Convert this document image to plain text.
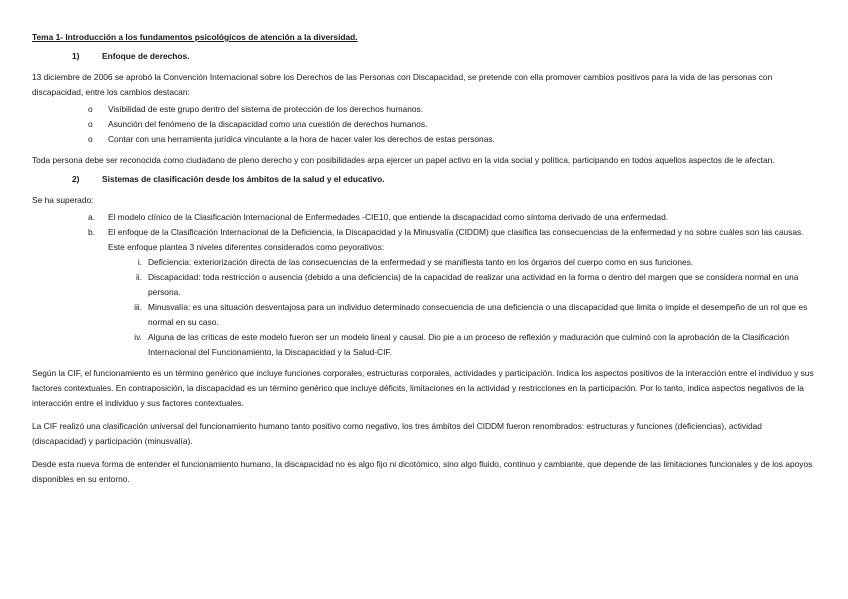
Tema 1- Introducción a los fundamentos psicológicos de atención a la diversidad.

1)	Enfoque de derechos.

13 diciembre de 2006 se aprobó la Convención Internacional sobre los Derechos de las Personas con Discapacidad, se pretende con ella promover cambios positivos para la vida de las personas con discapacidad, entre los cambios destacan:

o Visibilidad de este grupo dentro del sistema de protección de los derechos humanos.
o Asunción del fenómeno de la discapacidad como una cuestión de derechos humanos.
o Contar con una herramienta jurídica vinculante a la hora de hacer valer los derechos de estas personas.

Toda persona debe ser reconocida como ciudadano de pleno derecho y con posibilidades arpa ejercer un papel activo en la vida social y política, participando en todos aquellos aspectos de le afectan.

2)	Sistemas de clasificación desde los ámbitos de la salud y el educativo.

Se ha superado:

a. El modelo clínico de la Clasificación Internacional de Enfermedades -CIE10, que entiende la discapacidad como síntoma derivado de una enfermedad.
b. El enfoque de la Clasificación Internacional de la Deficiencia, la Discapacidad y la Minusvalía (CIDDM) que clasifica las consecuencias de la enfermedad y no sobre cuáles son las causas. Este enfoque plantea 3 niveles diferentes considerados como peyorativos:
i. Deficiencia: exteriorización directa de las consecuencias de la enfermedad y se manifiesta tanto en los órganos del cuerpo como en sus funciones.
ii. Discapacidad: toda restricción o ausencia (debido a una deficiencia) de la capacidad de realizar una actividad en la forma o dentro del margen que se considera normal en una persona.
iii. Minusvalía: es una situación desventajosa para un individuo determinado consecuencia de una deficiencia o una discapacidad que limita o impide el desempeño de un rol que es normal en su caso.
iv. Alguna de las críticas de este modelo fueron ser un modelo lineal y causal. Dio pie a un proceso de reflexión y maduración que culminó con la aprobación de la Clasificación Internacional del Funcionamiento, la Discapacidad y la Salud-CIF.

Según la CIF, el funcionamiento es un término genérico que incluye funciones corporales, estructuras corporales, actividades y participación. Indica los aspectos positivos de la interacción entre el individuo y sus factores contextuales. En contraposición, la discapacidad es un término genérico que incluye déficits, limitaciones en la actividad y restricciones en la participación. Por lo tanto, indica aspectos negativos de la interacción entre el individuo y sus factores contextuales.

La CIF realizó una clasificación universal del funcionamiento humano tanto positivo como negativo, los tres ámbitos del CIDDM fueron renombrados: estructuras y funciones (deficiencias), actividad (discapacidad) y participación (minusvalía).

Desde esta nueva forma de entender el funcionamiento humano, la discapacidad no es algo fijo ni dicotómico, sino algo fluido, continuo y cambiante, que depende de las limitaciones funcionales y de los apoyos disponibles en su entorno.
